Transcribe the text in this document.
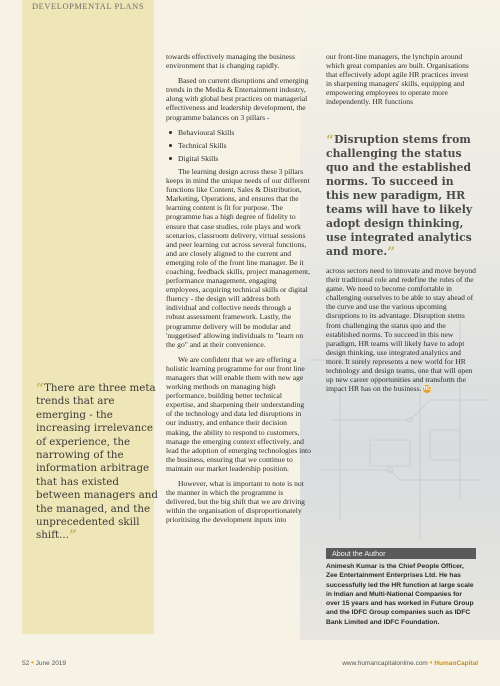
DEVELOPMENTAL PLANS
“There are three meta trends that are emerging - the increasing irrelevance of experience, the narrowing of the information arbitrage that has existed between managers and the managed, and the unprecedented skill shift...”

towards effectively managing the business environment that is changing rapidly.

Based on current disruptions and emerging trends in the Media & Entertainment industry, along with global best practices on managerial effectiveness and leadership development, the programme balances on 3 pillars -

Behavioural Skills
Technical Skills
Digital Skills

The learning design across these 3 pillars keeps in mind the unique needs of our different functions like Content, Sales & Distribution, Marketing, Operations, and ensures that the learning content is fit for purpose. The programme has a high degree of fidelity to ensure that case studies, role plays and work scenarios, classroom delivery, virtual sessions and peer learning cut across several functions, and are closely aligned to the current and emerging role of the front line manager. Be it coaching, feedback skills, project management, performance management, engaging employees, acquiring technical skills or digital fluency - the design will address both individual and collective needs through a robust assessment framework. Lastly, the programme delivery will be modular and 'nuggetised' allowing individuals to "learn on the go" and at their convenience.

We are confident that we are offering a holistic learning programme for our front line managers that will enable them with new age working methods on managing high performance, building better technical expertise, and sharpening their understanding of the technology and data led disruptions in our industry, and enhance their decision making, the ability to respond to customers, manage the emerging context effectively, and lead the adoption of emerging technologies into the business, ensuring that we continue to maintain our market leadership position.

However, what is important to note is not the manner in which the programme is delivered, but the big shift that we are driving within the organisation of disproportionately prioritising the development inputs into

our front-line managers, the lynchpin around which great companies are built. Organisations that effectively adopt agile HR practices invest in sharpening managers' skills, equipping and empowering employees to operate more independently. HR functions

across sectors need to innovate and move beyond their traditional role and redefine the rules of the game. We need to become comfortable in challenging ourselves to be able to stay ahead of the curve and use the various upcoming disruptions to its advantage. Disruption stems from challenging the status quo and the established norms. To succeed in this new paradigm, HR teams will likely have to adopt design thinking, use integrated analytics and more. It surely represents a new world for HR technology and design teams, one that will open up new career opportunities and transform the impact HR has on the business. HC
“Disruption stems from challenging the status quo and the established norms. To succeed in this new paradigm, HR teams will have to likely adopt design thinking, use integrated analytics and more.”
About the Author
Animesh Kumar is the Chief People Officer, Zee Entertainment Enterprises Ltd. He has successfully led the HR function at large scale in Indian and Multi-National Companies for over 15 years and has worked in Future Group and the IDFC Group companies such as IDFC Bank Limited and IDFC Foundation.
52 • June 2019	www.humancapitalonline.com • HumanCapital
